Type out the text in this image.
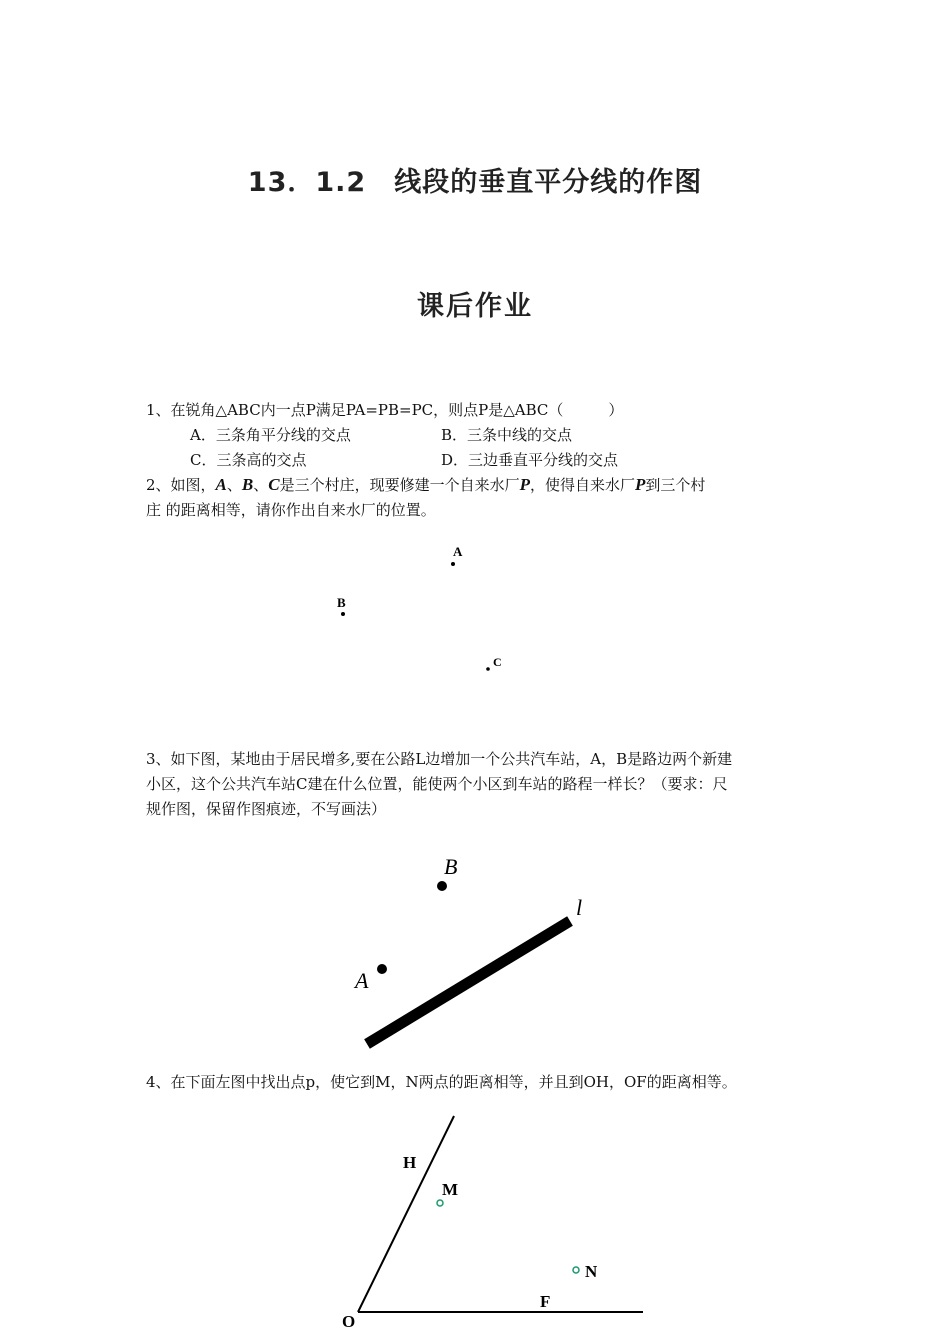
13．1.2　线段的垂直平分线的作图
课后作业
1、在锐角△ABC内一点P满足PA=PB=PC，则点P是△ABC（　　　）
A．三条角平分线的交点	B．三条中线的交点
C．三条高的交点	D．三边垂直平分线的交点
2、如图，A、B、C是三个村庄，现要修建一个自来水厂P，使得自来水厂P到三个村
庄 的距离相等，请你作出自来水厂的位置。
A
B
C
B
A
l
H
M
N
F
O
3、如下图，某地由于居民增多,要在公路L边增加一个公共汽车站，A，B是路边两个新建
小区，这个公共汽车站C建在什么位置，能使两个小区到车站的路程一样长？（要求：尺
规作图，保留作图痕迹，不写画法）
4、在下面左图中找出点p，使它到M，N两点的距离相等，并且到OH，OF的距离相等。
